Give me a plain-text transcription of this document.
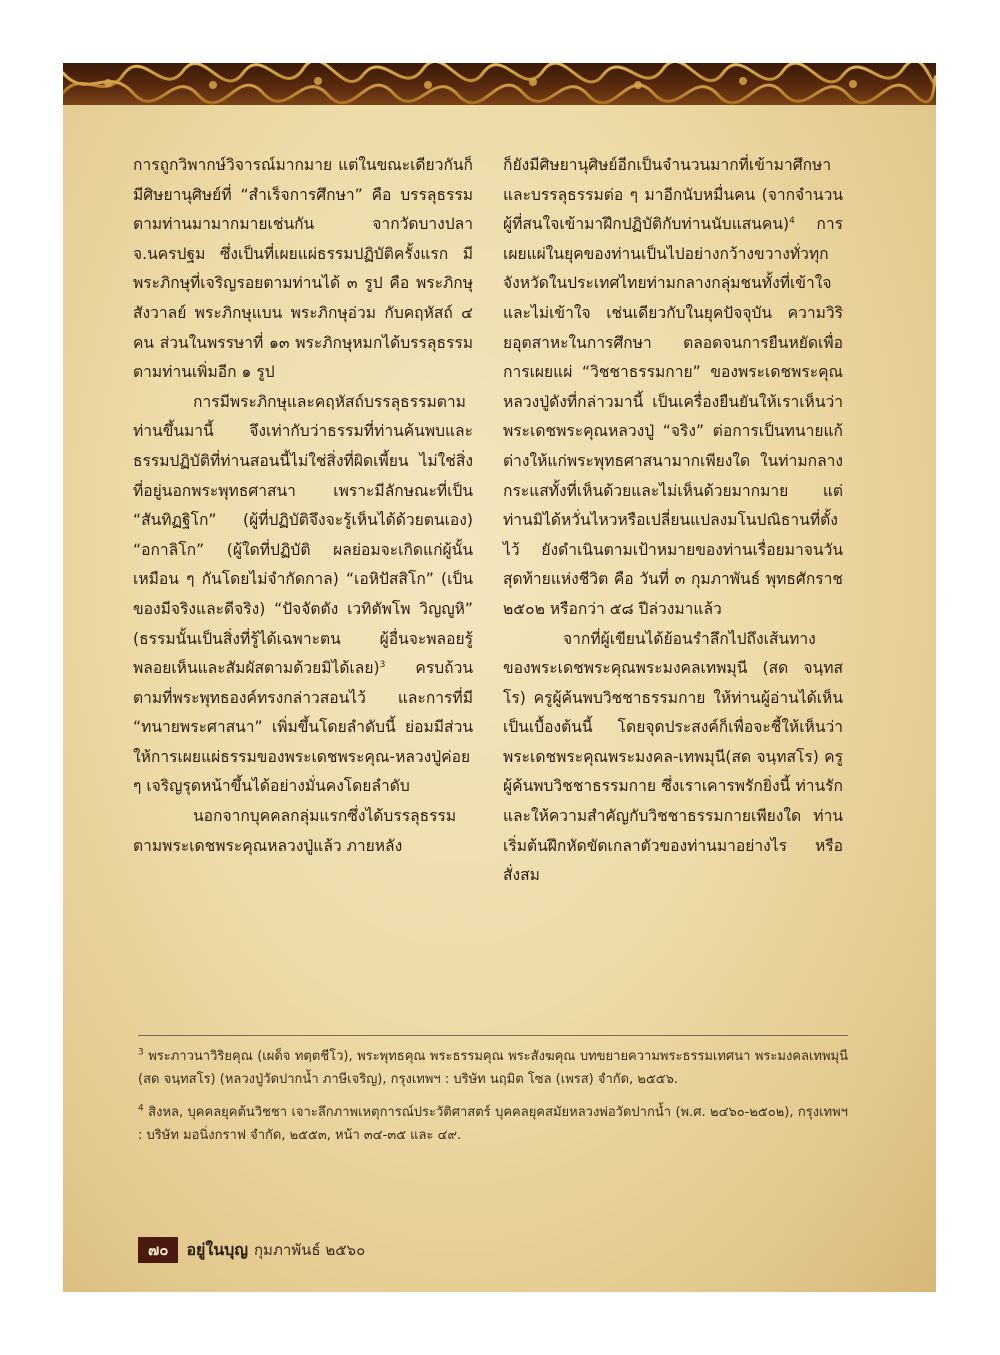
การถูกวิพากษ์วิจารณ์มากมาย แต่ในขณะเดียวกันก็มีศิษยานุศิษย์ที่ “สำเร็จการศึกษา” คือ บรรลุธรรมตามท่านมามากมายเช่นกัน จากวัดบางปลา จ.นครปฐม ซึ่งเป็นที่เผยแผ่ธรรมปฏิบัติครั้งแรก มีพระภิกษุที่เจริญรอยตามท่านได้ ๓ รูป คือ พระภิกษุสังวาลย์ พระภิกษุแบน พระภิกษุอ่วม กับคฤหัสถ์ ๔ คน ส่วนในพรรษาที่ ๑๓ พระภิกษุหมกได้บรรลุธรรมตามท่านเพิ่มอีก ๑ รูป

การมีพระภิกษุและคฤหัสถ์บรรลุธรรมตามท่านขึ้นมานี้ จึงเท่ากับว่าธรรมที่ท่านค้นพบและธรรมปฏิบัติที่ท่านสอนนี้ไม่ใช่สิ่งที่ผิดเพี้ยน ไม่ใช่สิ่งที่อยู่นอกพระพุทธศาสนา เพราะมีลักษณะที่เป็น “สันทิฏฐิโก” (ผู้ที่ปฏิบัติจึงจะรู้เห็นได้ด้วยตนเอง) “อกาลิโก” (ผู้ใดที่ปฏิบัติ ผลย่อมจะเกิดแก่ผู้นั้นเหมือน ๆ กันโดยไม่จำกัดกาล) “เอหิปัสสิโก” (เป็นของมีจริงและดีจริง) “ปัจจัตตัง เวทิตัพโพ วิญญูหิ” (ธรรมนั้นเป็นสิ่งที่รู้ได้เฉพาะตน ผู้อื่นจะพลอยรู้พลอยเห็นและสัมผัสตามด้วยมิได้เลย)$^3$ ครบถ้วนตามที่พระพุทธองค์ทรงกล่าวสอนไว้ และการที่มี “ทนายพระศาสนา” เพิ่มขึ้นโดยลำดับนี้ ย่อมมีส่วนให้การเผยแผ่ธรรมของพระเดชพระคุณ-หลวงปู่ค่อย ๆ เจริญรุดหน้าขึ้นได้อย่างมั่นคงโดยลำดับ

นอกจากบุคคลกลุ่มแรกซึ่งได้บรรลุธรรมตามพระเดชพระคุณหลวงปู่แล้ว ภายหลัง

ก็ยังมีศิษยานุศิษย์อีกเป็นจำนวนมากที่เข้ามาศึกษาและบรรลุธรรมต่อ ๆ มาอีกนับหมื่นคน (จากจำนวนผู้ที่สนใจเข้ามาฝึกปฏิบัติกับท่านนับแสนคน)$^4$ การเผยแผ่ในยุคของท่านเป็นไปอย่างกว้างขวางทั่วทุกจังหวัดในประเทศไทยท่ามกลางกลุ่มชนทั้งที่เข้าใจและไม่เข้าใจ เช่นเดียวกับในยุคปัจจุบัน ความวิริยอุตสาหะในการศึกษา ตลอดจนการยืนหยัดเพื่อการเผยแผ่ “วิชชาธรรมกาย” ของพระเดชพระคุณหลวงปู่ดังที่กล่าวมานี้ เป็นเครื่องยืนยันให้เราเห็นว่าพระเดชพระคุณหลวงปู่ “จริง” ต่อการเป็นทนายแก้ต่างให้แก่พระพุทธศาสนามากเพียงใด ในท่ามกลางกระแสทั้งที่เห็นด้วยและไม่เห็นด้วยมากมาย แต่ท่านมิได้หวั่นไหวหรือเปลี่ยนแปลงมโนปณิธานที่ตั้งไว้ ยังดำเนินตามเป้าหมายของท่านเรื่อยมาจนวันสุดท้ายแห่งชีวิต คือ วันที่ ๓ กุมภาพันธ์ พุทธศักราช ๒๕๐๒ หรือกว่า ๕๘ ปีล่วงมาแล้ว

จากที่ผู้เขียนได้ย้อนรำลึกไปถึงเส้นทางของพระเดชพระคุณพระมงคลเทพมุนี (สด จนฺทสโร) ครูผู้ค้นพบวิชชาธรรมกาย ให้ท่านผู้อ่านได้เห็นเป็นเบื้องต้นนี้ โดยจุดประสงค์ก็เพื่อจะชี้ให้เห็นว่าพระเดชพระคุณพระมงคล-เทพมุนี(สด จนฺทสโร) ครูผู้ค้นพบวิชชาธรรมกาย ซึ่งเราเคารพรักยิ่งนี้ ท่านรักและให้ความสำคัญกับวิชชาธรรมกายเพียงใด ท่านเริ่มต้นฝึกหัดขัดเกลาตัวของท่านมาอย่างไร หรือสั่งสม

$^3$ พระภาวนาวิริยคุณ (เผด็จ ทตฺตชีโว), พระพุทธคุณ พระธรรมคุณ พระสังฆคุณ บทขยายความพระธรรมเทศนา พระมงคลเทพมุนี (สด จนฺทสโร) (หลวงปู่วัดปากน้ำ ภาษีเจริญ), กรุงเทพฯ : บริษัท นฤมิต โซล (เพรส) จำกัด, ๒๕๕๖.

$^4$ สิงหล, บุคคลยุคต้นวิชชา เจาะลึกภาพเหตุการณ์ประวัติศาสตร์ บุคคลยุคสมัยหลวงพ่อวัดปากน้ำ (พ.ศ. ๒๔๖๐-๒๕๐๒), กรุงเทพฯ : บริษัท มอนิ่งกราฟ จำกัด, ๒๕๕๓, หน้า ๓๔-๓๕ และ ๔๙.

๗๐	อยู่ในบุญ กุมภาพันธ์ ๒๕๖๐
